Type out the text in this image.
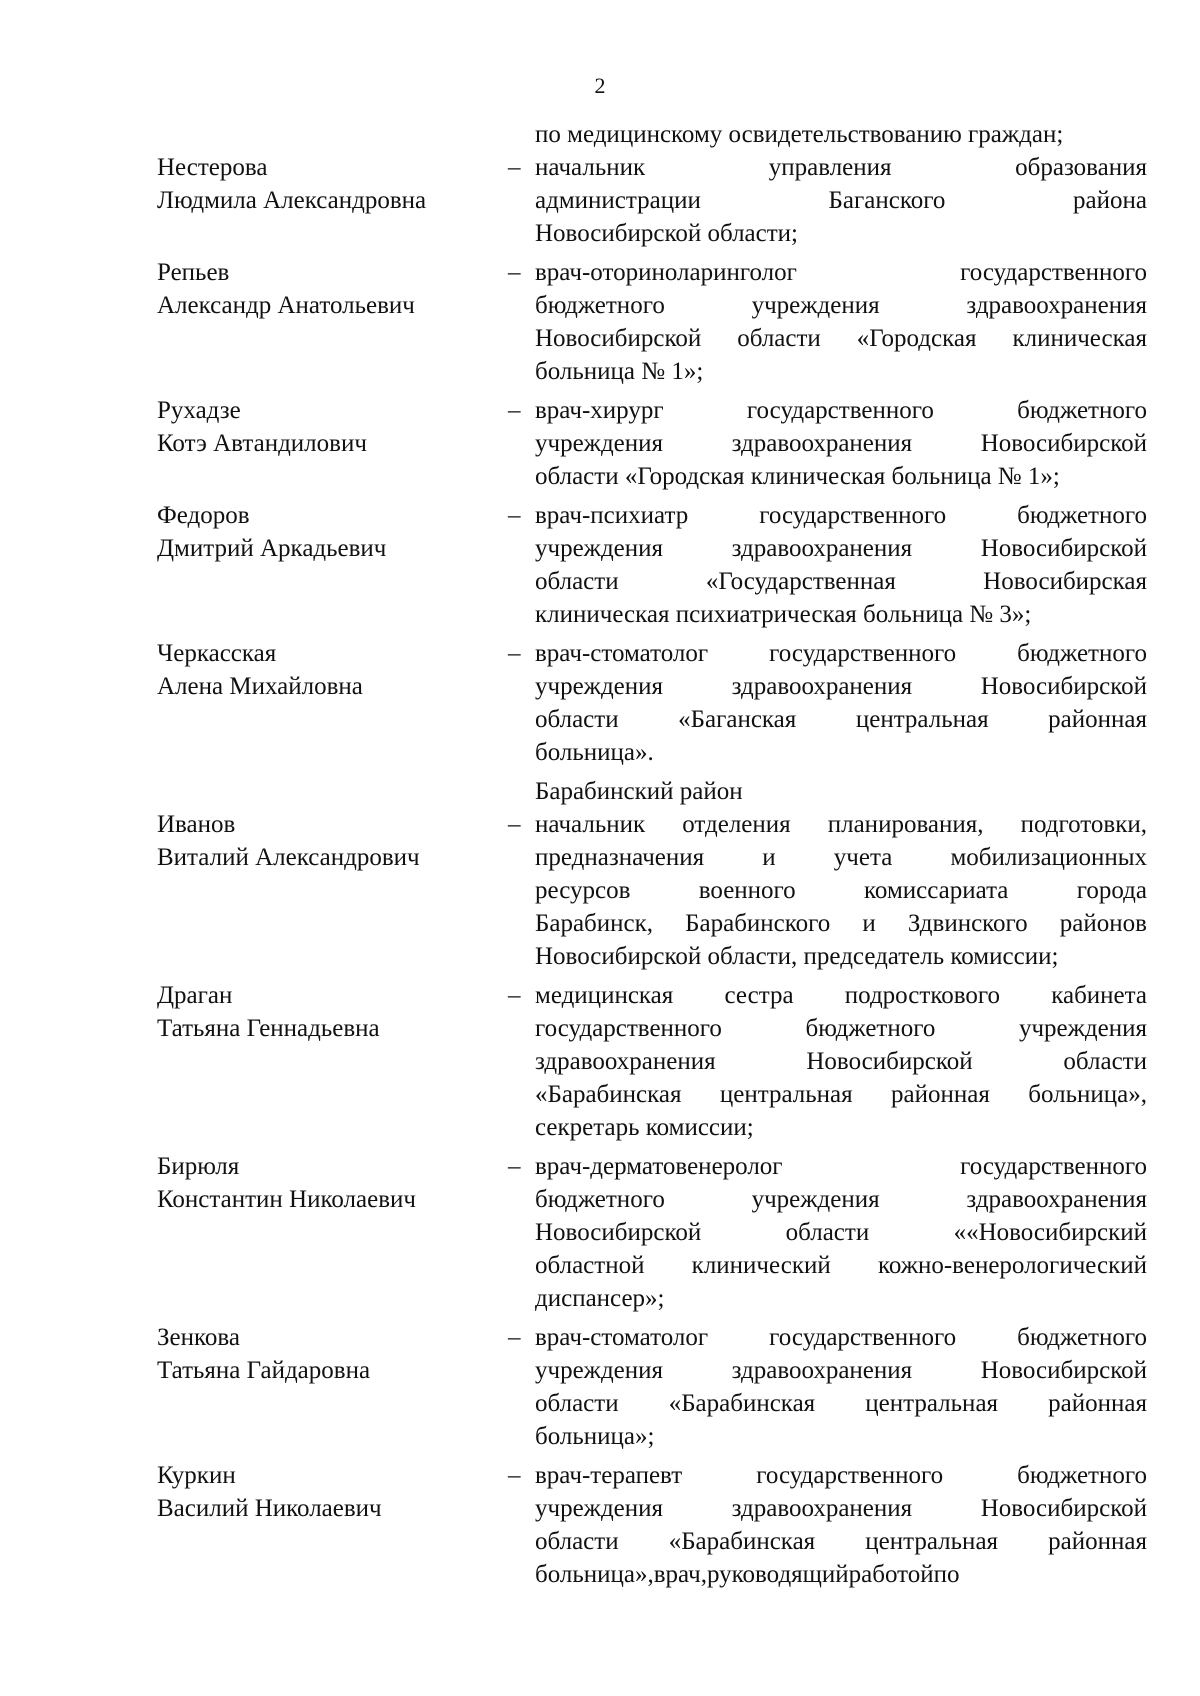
2
по медицинскому освидетельствованию граждан;
Нестерова	– начальник	управления	образования
Людмила Александровна	администрации	Баганского	района
Новосибирской области;
Репьев	– врач-оториноларинголог	государственного
Александр Анатольевич	бюджетного	учреждения	здравоохранения
Новосибирской области «Городская клиническая
больница № 1»;
Рухадзе	– врач-хирург	государственного	бюджетного
Котэ Автандилович	учреждения	здравоохранения	Новосибирской
области «Городская клиническая больница № 1»;
Федоров	– врач-психиатр	государственного	бюджетного
Дмитрий Аркадьевич	учреждения	здравоохранения	Новосибирской
области	«Государственная	Новосибирская
клиническая психиатрическая больница № 3»;
Черкасская	– врач-стоматолог государственного бюджетного
Алена Михайловна	учреждения	здравоохранения	Новосибирской
области «Баганская центральная районная
больница».
Барабинский район
Иванов	– начальник отделения планирования, подготовки,
Виталий Александрович	предназначения и учета мобилизационных
ресурсов	военного	комиссариата	города
Барабинск, Барабинского и Здвинского районов
Новосибирской области, председатель комиссии;
Драган	– медицинская сестра подросткового кабинета
Татьяна Геннадьевна	государственного	бюджетного	учреждения
здравоохранения	Новосибирской	области
«Барабинская центральная районная больница»,
секретарь комиссии;
Бирюля	– врач-дерматовенеролог	государственного
Константин Николаевич	бюджетного	учреждения	здравоохранения
Новосибирской	области	««Новосибирский
областной клинический кожно-венерологический
диспансер»;
Зенкова	– врач-стоматолог государственного бюджетного
Татьяна Гайдаровна	учреждения	здравоохранения	Новосибирской
области «Барабинская центральная районная
больница»;
Куркин	– врач-терапевт	государственного	бюджетного
Василий Николаевич	учреждения	здравоохранения	Новосибирской
области «Барабинская центральная районная
больница», врач, руководящий работой по
